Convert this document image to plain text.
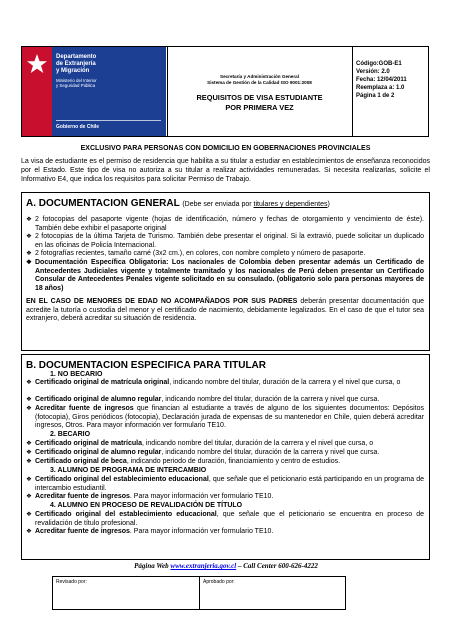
Departamento
de Extranjería
y Migración
Ministerio del Interior
y Seguridad Pública
Gobierno de Chile
Secretaría y Administración General
Sistema de Gestión de la Calidad ISO 9001:2008
REQUISITOS DE VISA ESTUDIANTE
POR PRIMERA VEZ
Código:GOB-E1
Versión: 2.0
Fecha: 12/04/2011
Reemplaza a: 1.0
Página 1 de 2
EXCLUSIVO PARA PERSONAS CON DOMICILIO EN GOBERNACIONES PROVINCIALES
La visa de estudiante es el permiso de residencia que habilita a su titular a estudiar en establecimientos de enseñanza reconocidos por el Estado. Este tipo de visa no autoriza a su titular a realizar actividades remuneradas. Si necesita realizarlas, solicite el Informativo E4, que indica los requisitos para solicitar Permiso de Trabajo.
A. DOCUMENTACION GENERAL (Debe ser enviada por titulares y dependientes)
❖ 2 fotocopias del pasaporte vigente (hojas de identificación, número y fechas de otorgamiento y vencimiento de éste). También debe exhibir el pasaporte original
❖ 2 fotocopias de la última Tarjeta de Turismo. También debe presentar el original. Si la extravió, puede solicitar un duplicado en las oficinas de Policía Internacional.
❖ 2 fotografías recientes, tamaño carné (3x2 cm.), en colores, con nombre completo y número de pasaporte.
❖ Documentación Específica Obligatoria: Los nacionales de Colombia deben presentar además un Certificado de Antecedentes Judiciales vigente y totalmente tramitado y los nacionales de Perú deben presentar un Certificado Consular de Antecedentes Penales vigente solicitado en su consulado. (obligatorio solo para personas mayores de 18 años)
EN EL CASO DE MENORES DE EDAD NO ACOMPAÑADOS POR SUS PADRES deberán presentar documentación que acredite la tutoría o custodia del menor y el certificado de nacimiento, debidamente legalizados. En el caso de que el tutor sea extranjero, deberá acreditar su situación de residencia.
B. DOCUMENTACION ESPECIFICA PARA TITULAR
1. NO BECARIO
❖ Certificado original de matrícula original, indicando nombre del titular, duración de la carrera y el nivel que cursa, o
❖ Certificado original de alumno regular, indicando nombre del titular, duración de la carrera y nivel que cursa.
❖ Acreditar fuente de ingresos que financian al estudiante a través de alguno de los siguientes documentos: Depósitos (fotocopia), Giros periódicos (fotocopia), Declaración jurada de expensas de su mantenedor en Chile, quien deberá acreditar ingresos, Otros. Para mayor información ver formulario TE10.
2. BECARIO
❖ Certificado original de matrícula, indicando nombre del titular, duración de la carrera y el nivel que cursa, o
❖ Certificado original de alumno regular, indicando nombre del titular, duración de la carrera y nivel que cursa.
❖ Certificado original de beca, indicando periodo de duración, financiamiento y centro de estudios.
3. ALUMNO DE PROGRAMA DE INTERCAMBIO
❖ Certificado original del establecimiento educacional, que señale que el peticionario está participando en un programa de intercambio estudiantil.
❖ Acreditar fuente de ingresos. Para mayor información ver formulario TE10.
4. ALUMNO EN PROCESO DE REVALIDACIÓN DE TÍTULO
❖ Certificado original del establecimiento educacional, que señale que el peticionario se encuentra en proceso de revalidación de título profesional.
❖ Acreditar fuente de ingresos. Para mayor información ver formulario TE10.
Página Web www.extranjeria.gov.cl – Call Center 600-626-4222
Revisado por:	Aprobado por:
